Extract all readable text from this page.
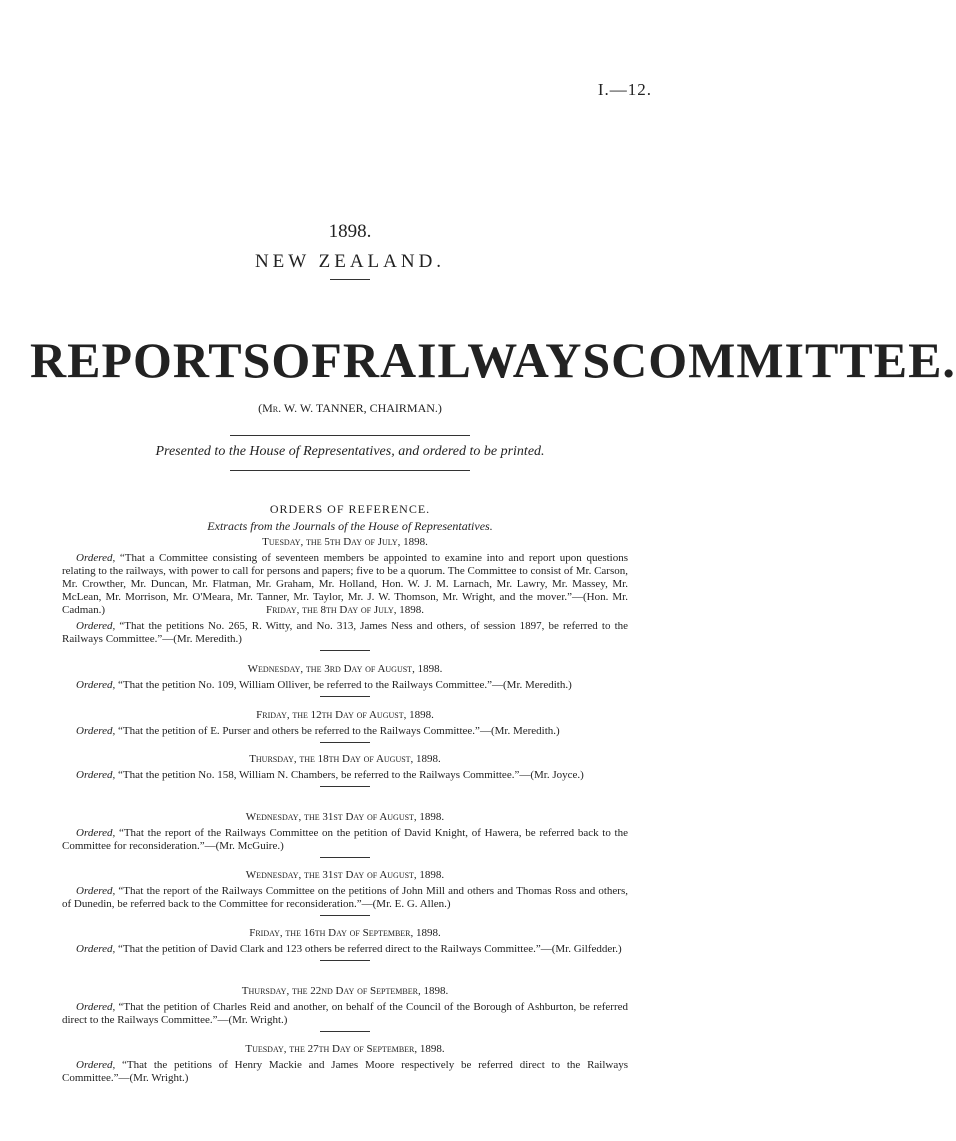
I.—12.
1898.
NEW ZEALAND.
REPORTS OF RAILWAYS COMMITTEE.
(Mr. W. W. TANNER, CHAIRMAN.)
Presented to the House of Representatives, and ordered to be printed.
ORDERS OF REFERENCE.
Extracts from the Journals of the House of Representatives.
Tuesday, the 5th Day of July, 1898.
Ordered, “That a Committee consisting of seventeen members be appointed to examine into and report upon questions relating to the railways, with power to call for persons and papers; five to be a quorum. The Committee to consist of Mr. Carson, Mr. Crowther, Mr. Duncan, Mr. Flatman, Mr. Graham, Mr. Holland, Hon. W. J. M. Larnach, Mr. Lawry, Mr. Massey, Mr. McLean, Mr. Morrison, Mr. O'Meara, Mr. Tanner, Mr. Taylor, Mr. J. W. Thomson, Mr. Wright, and the mover.”—(Hon. Mr. Cadman.)	Friday, the 8th Day of July, 1898.
Ordered, “That the petitions No. 265, R. Witty, and No. 313, James Ness and others, of session 1897, be referred to the Railways Committee.”—(Mr. Meredith.)
Wednesday, the 3rd Day of August, 1898.
Ordered, “That the petition No. 109, William Olliver, be referred to the Railways Committee.”—(Mr. Meredith.)
Friday, the 12th Day of August, 1898.
Ordered, “That the petition of E. Purser and others be referred to the Railways Committee.”—(Mr. Meredith.)
Thursday, the 18th Day of August, 1898.
Ordered, “That the petition No. 158, William N. Chambers, be referred to the Railways Committee.”—(Mr. Joyce.)
Wednesday, the 31st Day of August, 1898.
Ordered, “That the report of the Railways Committee on the petition of David Knight, of Hawera, be referred back to the Committee for reconsideration.”—(Mr. McGuire.)
Wednesday, the 31st Day of August, 1898.
Ordered, “That the report of the Railways Committee on the petitions of John Mill and others and Thomas Ross and others, of Dunedin, be referred back to the Committee for reconsideration.”—(Mr. E. G. Allen.)
Friday, the 16th Day of September, 1898.
Ordered, “That the petition of David Clark and 123 others be referred direct to the Railways Committee.”—(Mr. Gilfedder.)
Thursday, the 22nd Day of September, 1898.
Ordered, “That the petition of Charles Reid and another, on behalf of the Council of the Borough of Ashburton, be referred direct to the Railways Committee.”—(Mr. Wright.)
Tuesday, the 27th Day of September, 1898.
Ordered, “That the petitions of Henry Mackie and James Moore respectively be referred direct to the Railways Committee.”—(Mr. Wright.)
